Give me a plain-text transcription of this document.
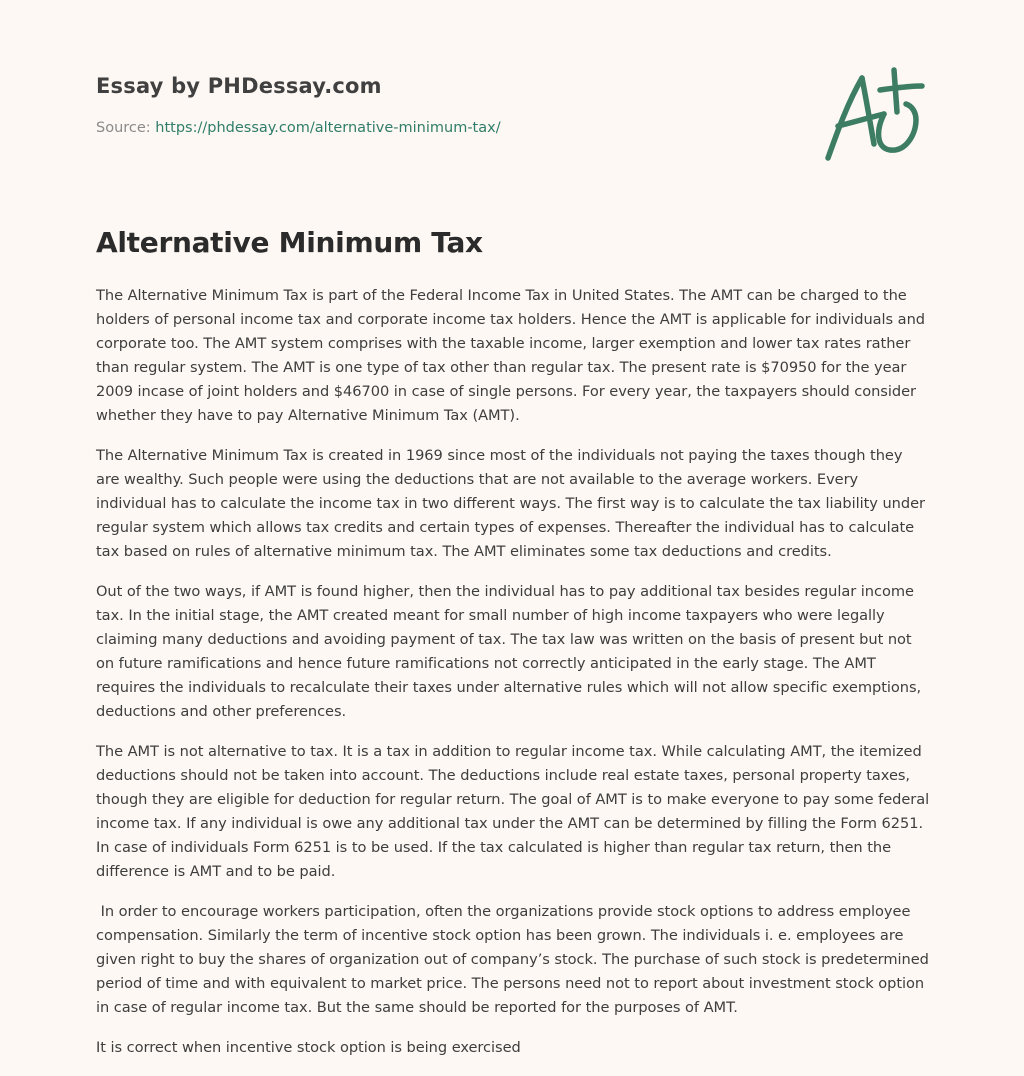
Essay by PHDessay.com
Source: https://phdessay.com/alternative-minimum-tax/
Alternative Minimum Tax

The Alternative Minimum Tax is part of the Federal Income Tax in United States. The AMT can be charged to the holders of personal income tax and corporate income tax holders. Hence the AMT is applicable for individuals and corporate too. The AMT system comprises with the taxable income, larger exemption and lower tax rates rather than regular system. The AMT is one type of tax other than regular tax. The present rate is $70950 for the year 2009 incase of joint holders and $46700 in case of single persons. For every year, the taxpayers should consider whether they have to pay Alternative Minimum Tax (AMT).

The Alternative Minimum Tax is created in 1969 since most of the individuals not paying the taxes though they are wealthy. Such people were using the deductions that are not available to the average workers. Every individual has to calculate the income tax in two different ways. The first way is to calculate the tax liability under regular system which allows tax credits and certain types of expenses. Thereafter the individual has to calculate tax based on rules of alternative minimum tax. The AMT eliminates some tax deductions and credits.

Out of the two ways, if AMT is found higher, then the individual has to pay additional tax besides regular income tax. In the initial stage, the AMT created meant for small number of high income taxpayers who were legally claiming many deductions and avoiding payment of tax. The tax law was written on the basis of present but not on future ramifications and hence future ramifications not correctly anticipated in the early stage. The AMT requires the individuals to recalculate their taxes under alternative rules which will not allow specific exemptions, deductions and other preferences.

The AMT is not alternative to tax. It is a tax in addition to regular income tax. While calculating AMT, the itemized deductions should not be taken into account. The deductions include real estate taxes, personal property taxes, though they are eligible for deduction for regular return. The goal of AMT is to make everyone to pay some federal income tax. If any individual is owe any additional tax under the AMT can be determined by filling the Form 6251. In case of individuals Form 6251 is to be used. If the tax calculated is higher than regular tax return, then the difference is AMT and to be paid.

In order to encourage workers participation, often the organizations provide stock options to address employee compensation. Similarly the term of incentive stock option has been grown. The individuals i. e. employees are given right to buy the shares of organization out of company’s stock. The purchase of such stock is predetermined period of time and with equivalent to market price. The persons need not to report about investment stock option in case of regular income tax. But the same should be reported for the purposes of AMT.

It is correct when incentive stock option is being exercised
